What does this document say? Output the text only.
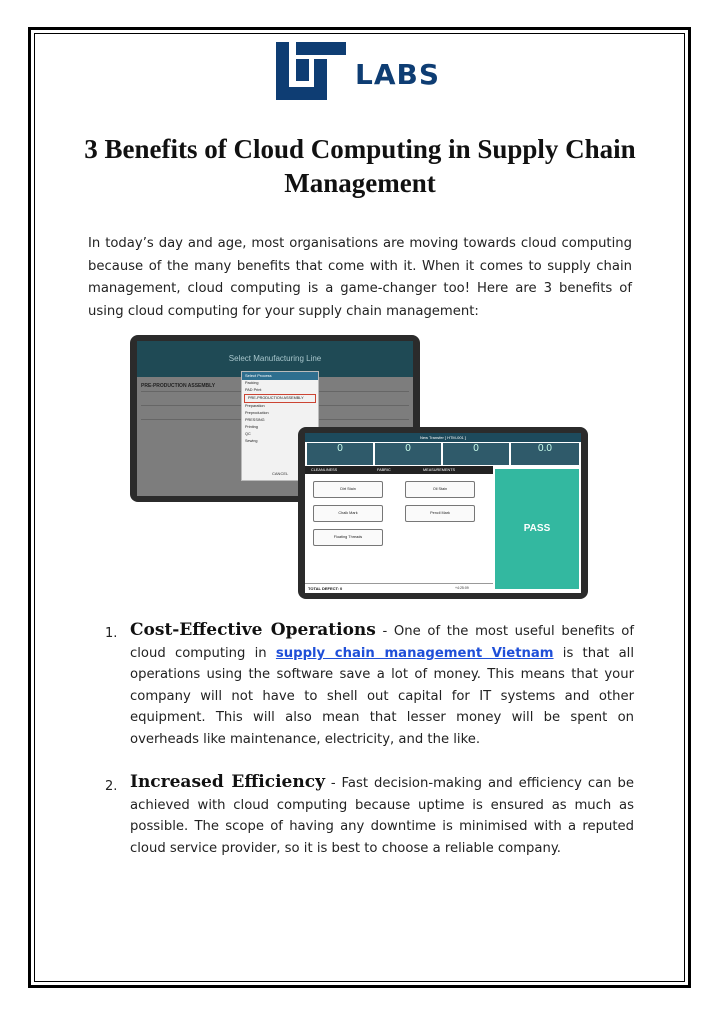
LABS
3 Benefits of Cloud Computing in Supply Chain Management

In today’s day and age, most organisations are moving towards cloud computing because of the many benefits that come with it. When it comes to supply chain management, cloud computing is a game-changer too! Here are 3 benefits of using cloud computing for your supply chain management:

Select Manufacturing Line
PRE-PRODUCTION ASSEMBLY
Select Process
Packing
PAD Print
PRE-PRODUCTION ASSEMBLY
Preparation
Preproduction
PRESSING
Printing
QC
Sewing
CANCEL
New Transfer [ HTM-001 ]
0	0	0	0.0
CLEANLINESS	FABRIC	MEASUREMENTS
Dirt Stain	Oil Stain
Chalk Mark	Pencil Mark
Floating Threads
PASS
TOTAL DEFECT: 0	+4:25:09
1. Cost-Effective Operations - One of the most useful benefits of cloud computing in supply chain management Vietnam is that all operations using the software save a lot of money. This means that your company will not have to shell out capital for IT systems and other equipment. This will also mean that lesser money will be spent on overheads like maintenance, electricity, and the like.

2. Increased Efficiency - Fast decision-making and efficiency can be achieved with cloud computing because uptime is ensured as much as possible. The scope of having any downtime is minimised with a reputed cloud service provider, so it is best to choose a reliable company.
